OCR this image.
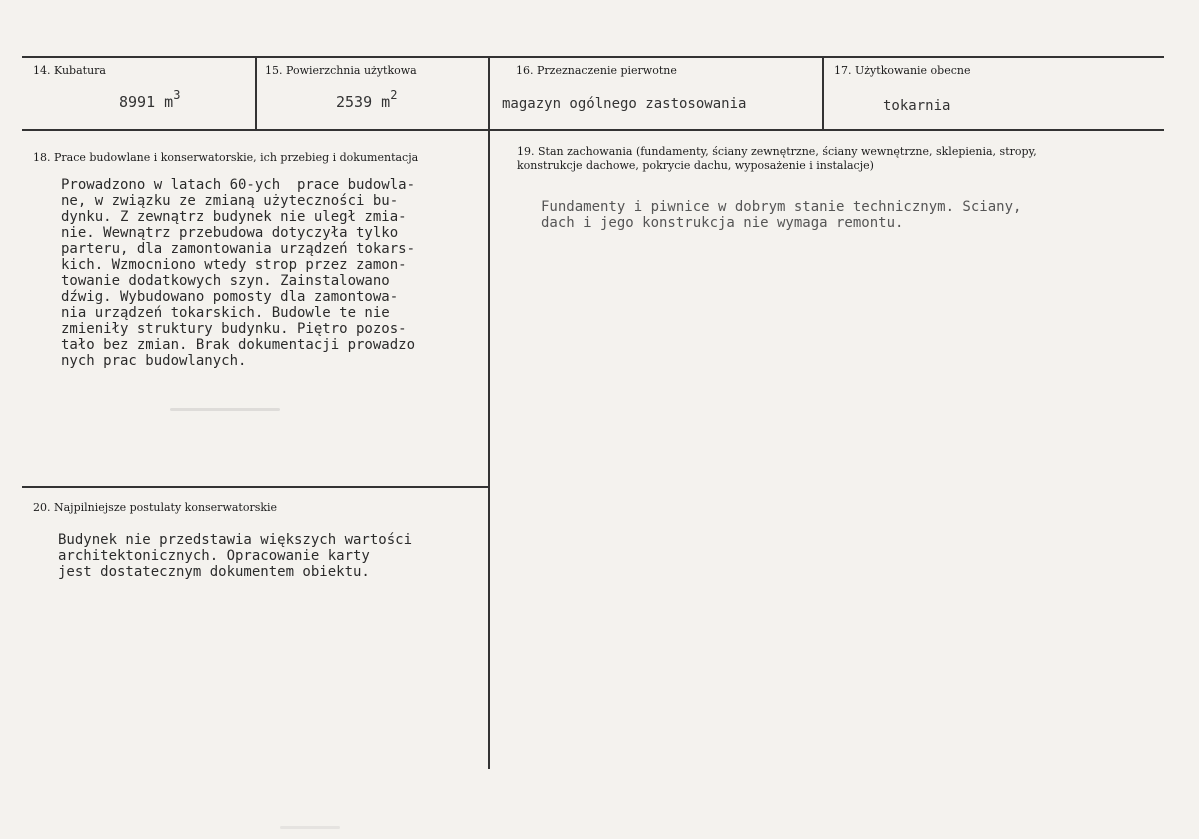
14. Kubatura
8991 $m^3$
15. Powierzchnia użytkowa
2539 $m^2$
16. Przeznaczenie pierwotne
magazyn ogólnego zastosowania
17. Użytkowanie obecne
tokarnia
18. Prace budowlane i konserwatorskie, ich przebieg i dokumentacja
Prowadzono w latach 60-ych  prace budowla-
ne, w związku ze zmianą użyteczności bu-
dynku. Z zewnątrz budynek nie uległ zmia-
nie. Wewnątrz przebudowa dotyczyła tylko
parteru, dla zamontowania urządzeń tokars-
kich. Wzmocniono wtedy strop przez zamon-
towanie dodatkowych szyn. Zainstalowano
dźwig. Wybudowano pomosty dla zamontowa-
nia urządzeń tokarskich. Budowle te nie
zmieniły struktury budynku. Piętro pozos-
tało bez zmian. Brak dokumentacji prowadzo
nych prac budowlanych.
19. Stan zachowania (fundamenty, ściany zewnętrzne, ściany wewnętrzne, sklepienia, stropy,
konstrukcje dachowe, pokrycie dachu, wyposażenie i instalacje)
Fundamenty i piwnice w dobrym stanie technicznym. Sciany,
dach i jego konstrukcja nie wymaga remontu.
20. Najpilniejsze postulaty konserwatorskie
Budynek nie przedstawia większych wartości
architektonicznych. Opracowanie karty
jest dostatecznym dokumentem obiektu.
